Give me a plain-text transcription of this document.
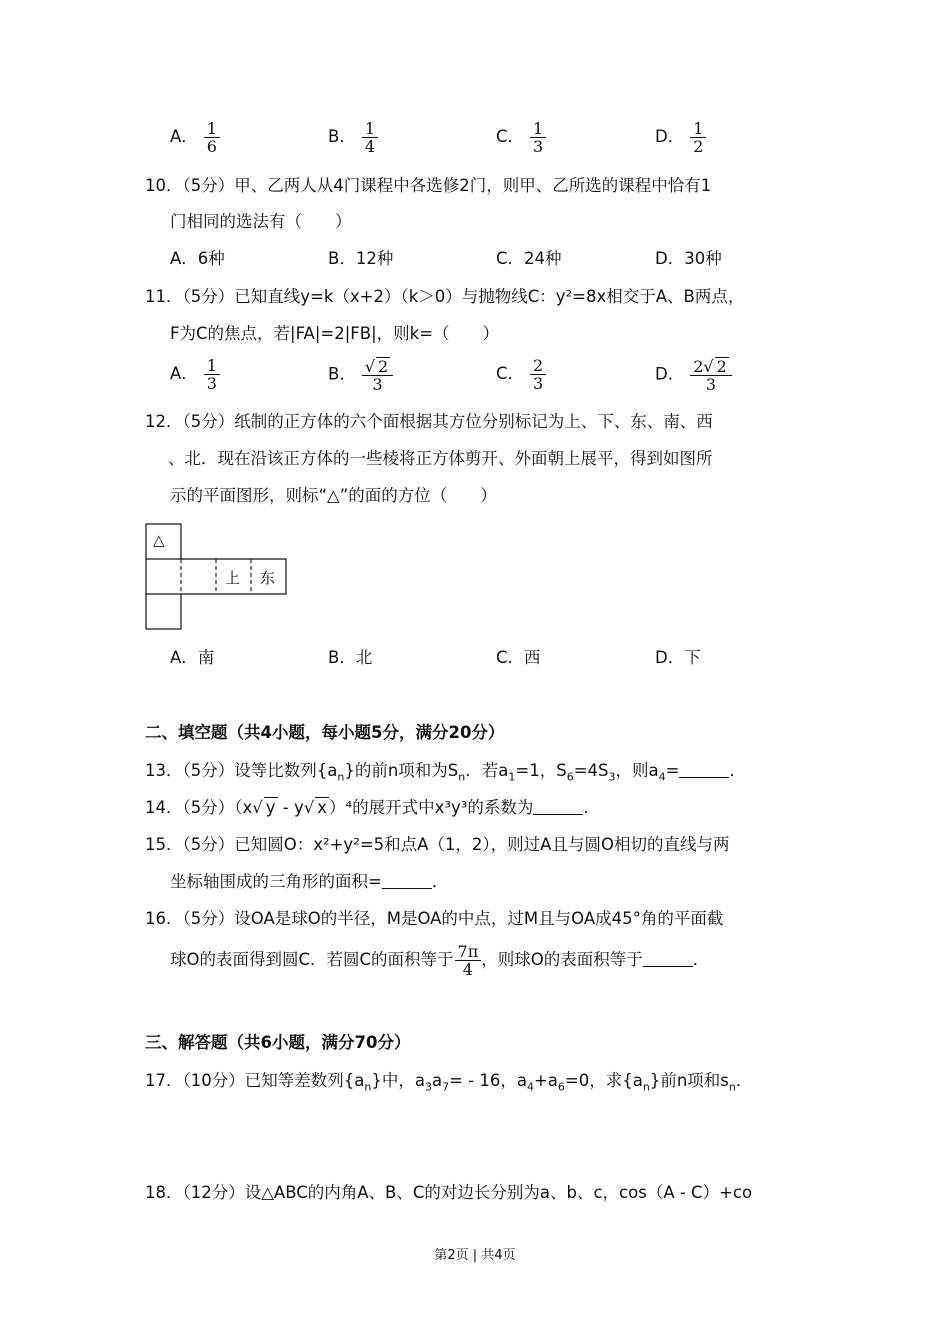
A． $\frac{1}{6}$	B． $\frac{1}{4}$	C． $\frac{1}{3}$	D． $\frac{1}{2}$
10．（5分）甲、乙两人从4门课程中各选修2门，则甲、乙所选的课程中恰有1
门相同的选法有（　　）
A．6种	B．12种	C．24种	D．30种
11．（5分）已知直线y=k（x+2）（k＞0）与抛物线C：y²=8x相交于A、B两点，
F为C的焦点，若|FA|=2|FB|，则k=（　　）
A． $\frac{1}{3}$	B． $\frac{√ 2}{3}$	C． $\frac{2}{3}$	D． $\frac{2√ 2}{3}$
12．（5分）纸制的正方体的六个面根据其方位分别标记为上、下、东、南、西
、北．现在沿该正方体的一些棱将正方体剪开、外面朝上展平，得到如图所
示的平面图形，则标“△”的面的方位（　　）
△
上 东
A．南	B．北	C．西	D．下
二、填空题（共4小题，每小题5分，满分20分）
13．（5分）设等比数列$\{a_n\}$的前n项和为$S_n$．若$a_1=1$，$S_6=4S_3$，则$a_4=$	．
14．（5分）（x√ y - y√ x ）⁴的展开式中x³y³的系数为	．
15．（5分）已知圆O：x²+y²=5和点A（1，2），则过A且与圆O相切的直线与两
坐标轴围成的三角形的面积=	．
16．（5分）设OA是球O的半径，M是OA的中点，过M且与OA成45°角的平面截
球O的表面得到圆C．若圆C的面积等于 $\frac{7\pi}{4}$ ，则球O的表面积等于	．
三、解答题（共6小题，满分70分）
17．（10分）已知等差数列$\{a_n\}$中，$a_3a_7= - 16$，$a_4+a_6=0$，求$\{a_n\}$前n项和$s_n$．
18．（12分）设△ABC的内角A、B、C的对边长分别为a、b、c，cos（A - C）+co
第2页 | 共4页
